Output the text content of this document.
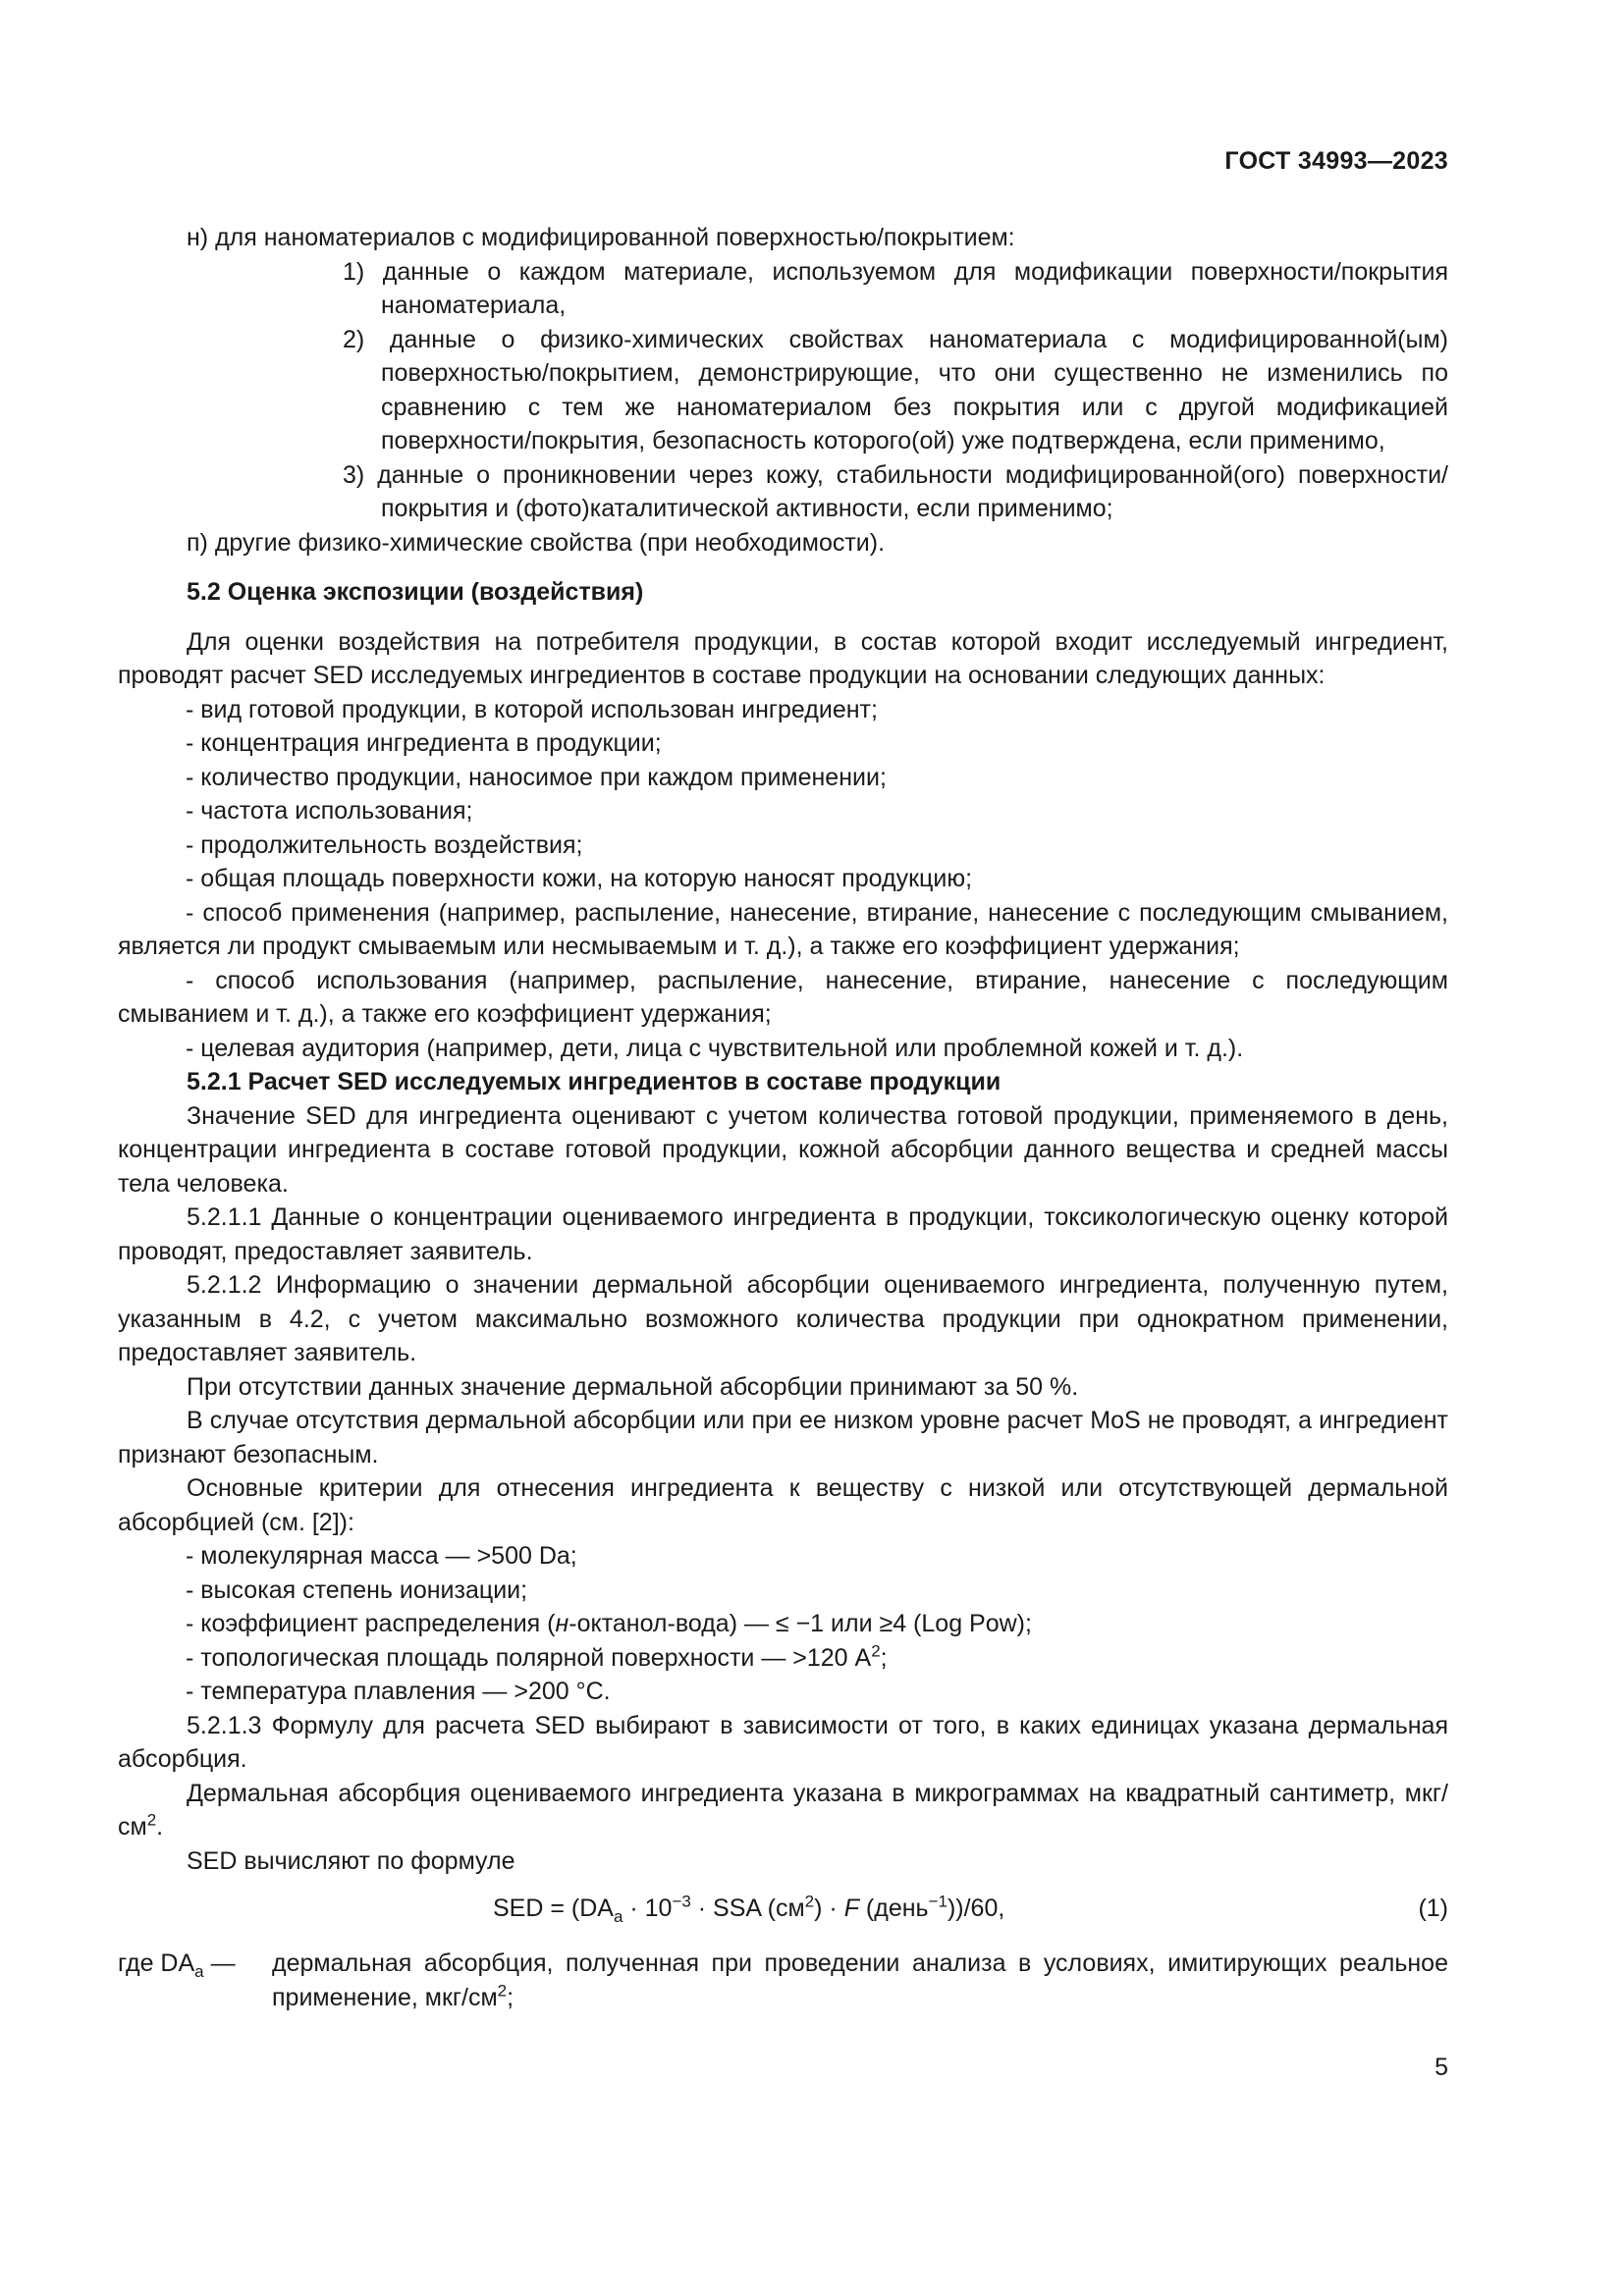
ГОСТ 34993—2023

н) для наноматериалов с модифицированной поверхностью/покрытием:

1) данные о каждом материале, используемом для модификации поверхности/покрытия наноматериала,

2) данные о физико-химических свойствах наноматериала с модифицированной(ым) поверхностью/покрытием, демонстрирующие, что они существенно не изменились по сравнению с тем же наноматериалом без покрытия или с другой модификацией поверхности/покрытия, безопасность которого(ой) уже подтверждена, если применимо,

3) данные о проникновении через кожу, стабильности модифицированной(ого) поверхности/покрытия и (фото)каталитической активности, если применимо;

п) другие физико-химические свойства (при необходимости).

5.2 Оценка экспозиции (воздействия)

Для оценки воздействия на потребителя продукции, в состав которой входит исследуемый ингредиент, проводят расчет SED исследуемых ингредиентов в составе продукции на основании следующих данных:

- вид готовой продукции, в которой использован ингредиент;

- концентрация ингредиента в продукции;

- количество продукции, наносимое при каждом применении;

- частота использования;

- продолжительность воздействия;

- общая площадь поверхности кожи, на которую наносят продукцию;

- способ применения (например, распыление, нанесение, втирание, нанесение с последующим смыванием, является ли продукт смываемым или несмываемым и т. д.), а также его коэффициент удержания;

- способ использования (например, распыление, нанесение, втирание, нанесение с последующим смыванием и т. д.), а также его коэффициент удержания;

- целевая аудитория (например, дети, лица с чувствительной или проблемной кожей и т. д.).

5.2.1 Расчет SED исследуемых ингредиентов в составе продукции

Значение SED для ингредиента оценивают с учетом количества готовой продукции, применяемого в день, концентрации ингредиента в составе готовой продукции, кожной абсорбции данного вещества и средней массы тела человека.

5.2.1.1 Данные о концентрации оцениваемого ингредиента в продукции, токсикологическую оценку которой проводят, предоставляет заявитель.

5.2.1.2 Информацию о значении дермальной абсорбции оцениваемого ингредиента, полученную путем, указанным в 4.2, с учетом максимально возможного количества продукции при однократном применении, предоставляет заявитель.

При отсутствии данных значение дермальной абсорбции принимают за 50 %.

В случае отсутствия дермальной абсорбции или при ее низком уровне расчет MoS не проводят, а ингредиент признают безопасным.

Основные критерии для отнесения ингредиента к веществу с низкой или отсутствующей дермальной абсорбцией (см. [2]):

- молекулярная масса — >500 Da;

- высокая степень ионизации;

- коэффициент распределения (н-октанол-вода) — ≤ −1 или ≥4 (Log Pow);

- топологическая площадь полярной поверхности — >120 $A^2$;

- температура плавления — >200 °С.

5.2.1.3 Формулу для расчета SED выбирают в зависимости от того, в каких единицах указана дермальная абсорбция.

Дермальная абсорбция оцениваемого ингредиента указана в микрограммах на квадратный сантиметр, мкг/$см^2$.

SED вычисляют по формуле

SED = ($DA_a \cdot 10^{-3}$ · SSA $(см^2) \cdot F$ (день$^{-1}$))/60,	(1)
где $DA_a$ — дермальная абсорбция, полученная при проведении анализа в условиях, имитирующих реальное применение, мкг/$см^2$;
5
